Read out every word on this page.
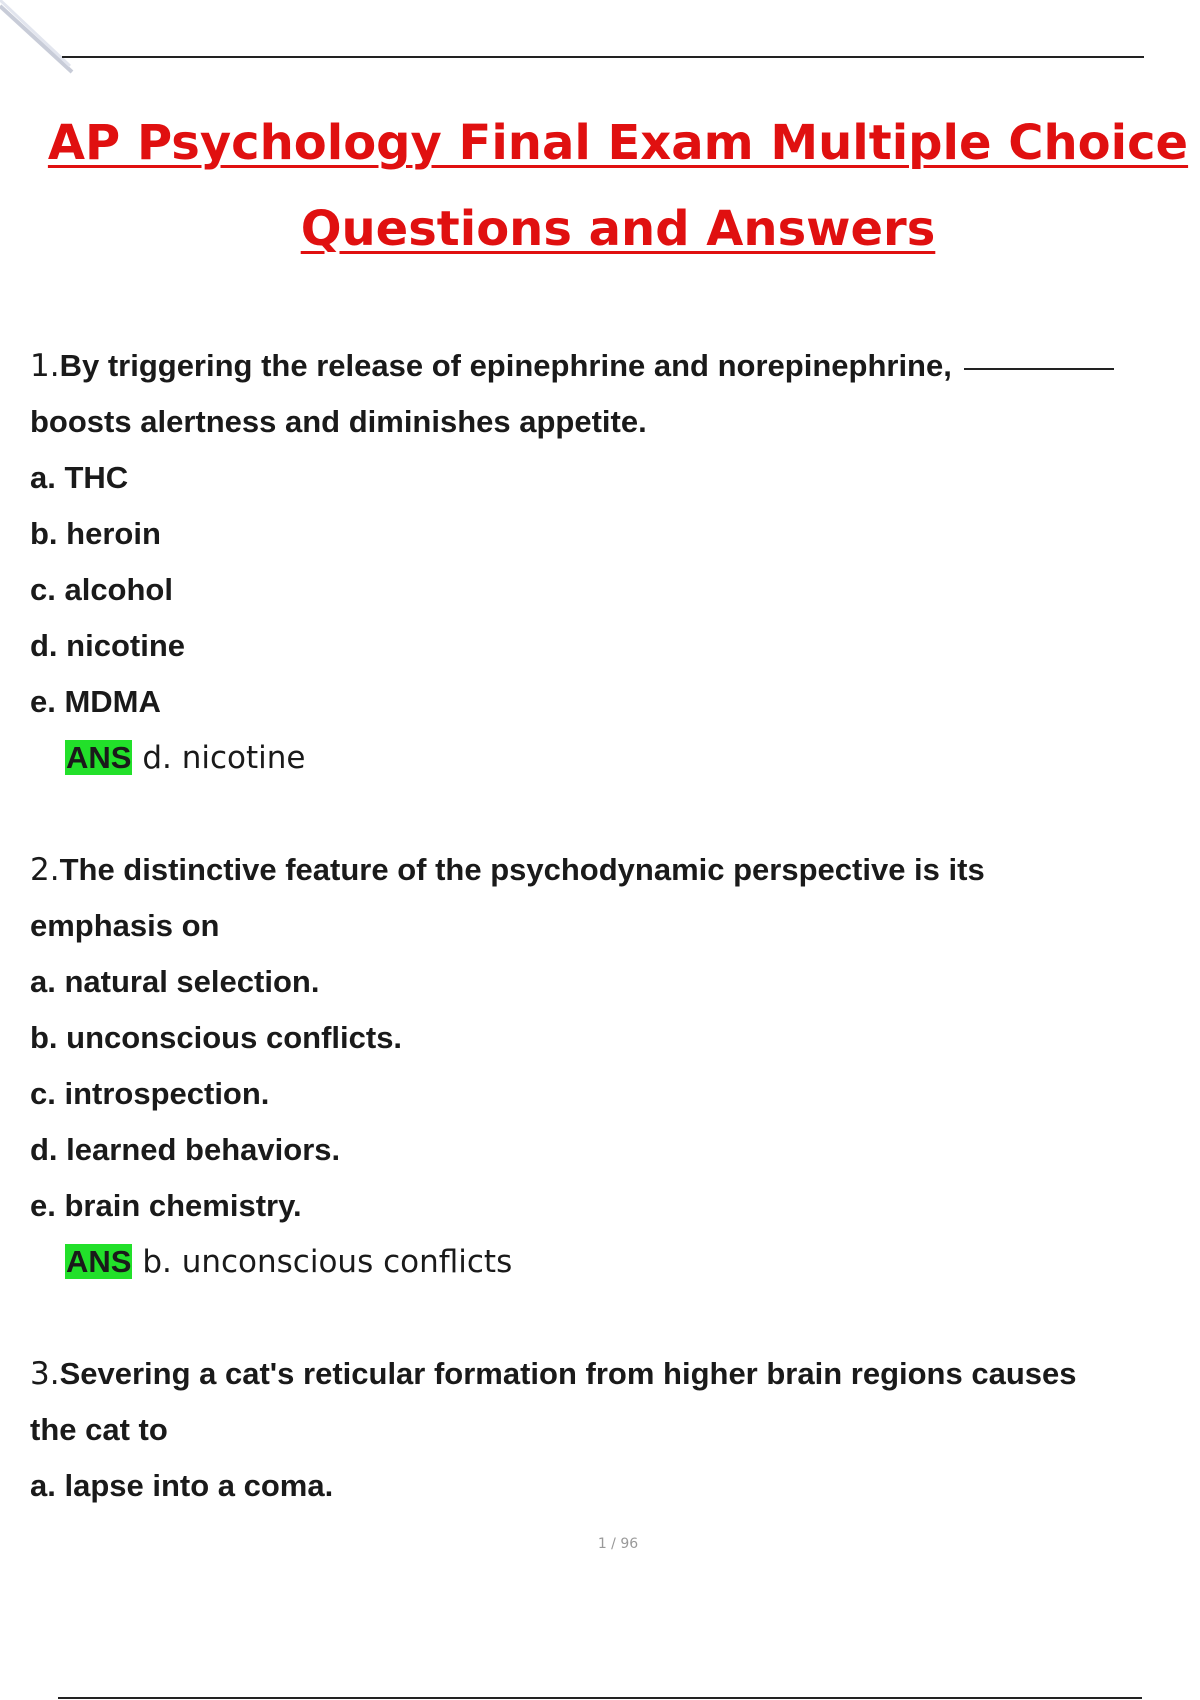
AP Psychology Final Exam Multiple Choice
Questions and Answers

1.By triggering the release of epinephrine and norepinephrine,

boosts alertness and diminishes appetite.

a. THC

b. heroin

c. alcohol

d. nicotine

e. MDMA

ANS d. nicotine

2.The distinctive feature of the psychodynamic perspective is its

emphasis on

a. natural selection.

b. unconscious conflicts.

c. introspection.

d. learned behaviors.

e. brain chemistry.

ANS b. unconscious conflicts

3.Severing a cat's reticular formation from higher brain regions causes

the cat to

a. lapse into a coma.

1 / 96
